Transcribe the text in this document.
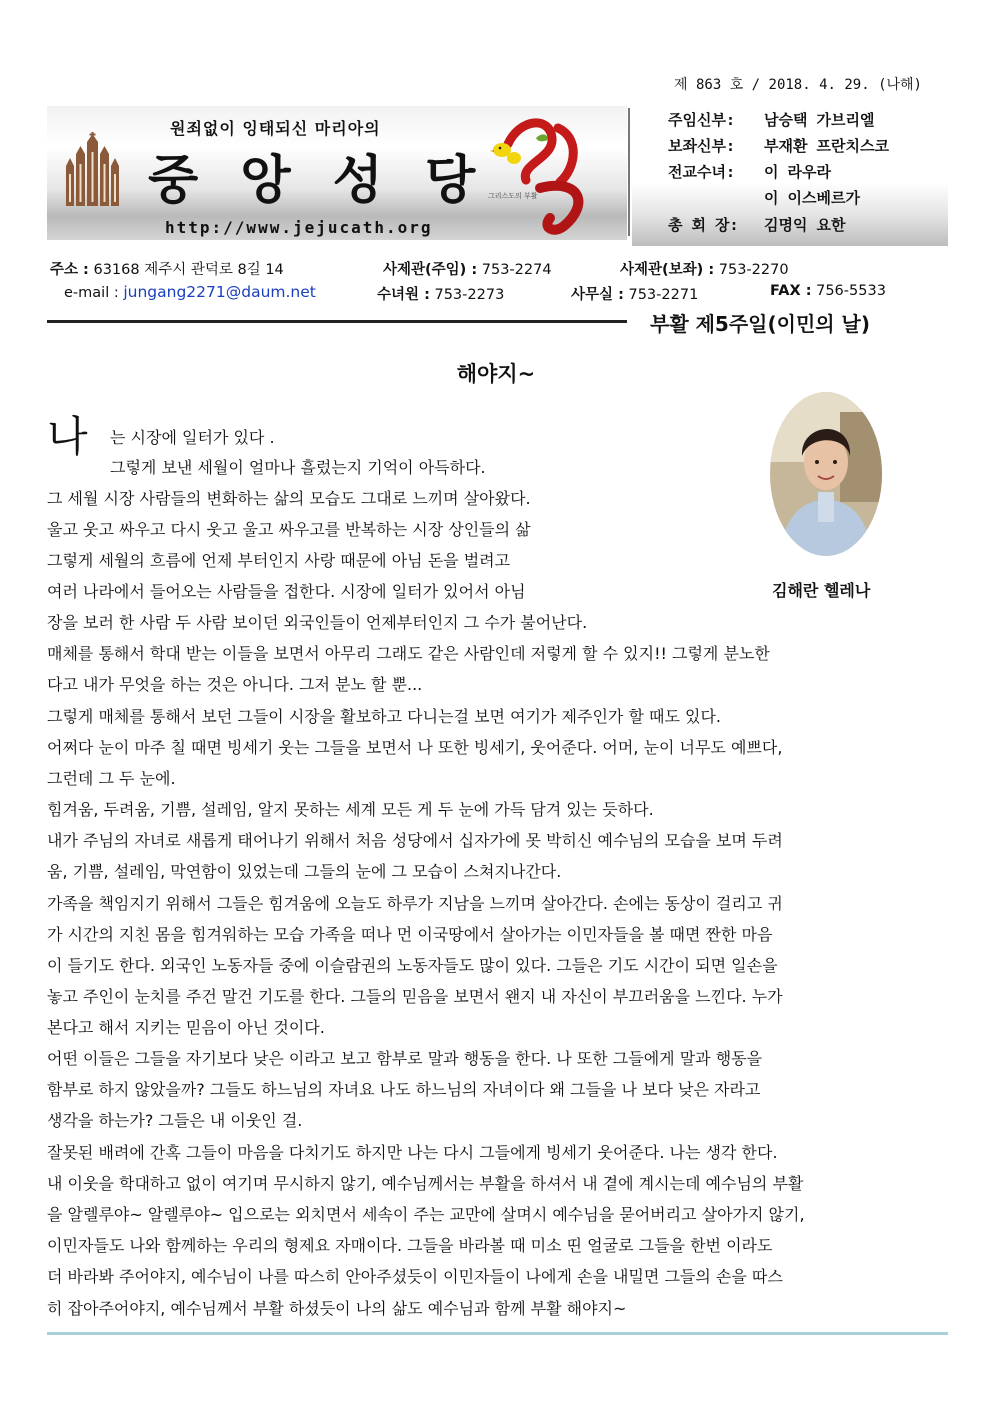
제 863 호 / 2018. 4. 29. (나해)
원죄없이 잉태되신 마리아의
중 앙 성 당
http://www.jejucath.org
그리스도의 부활
주임신부: 남승택 가브리엘
보좌신부: 부재환 프란치스코
전교수녀: 이 라우라
이 이스베르가
총 회 장: 김명익 요한
주소 : 63168 제주시 관덕로 8길 14	사제관(주임) : 753-2274	사제관(보좌) : 753-2270
e-mail : jungang2271@daum.net	수녀원 : 753-2273	사무실 : 753-2271	FAX : 756-5533
부활 제5주일(이민의 날)
해야지~
김해란 헬레나
나 는 시장에 일터가 있다 .
그렇게 보낸 세월이 얼마나 흘렀는지 기억이 아득하다.
그 세월 시장 사람들의 변화하는 삶의 모습도 그대로 느끼며 살아왔다.
울고 웃고 싸우고 다시 웃고 울고 싸우고를 반복하는 시장 상인들의 삶
그렇게 세월의 흐름에 언제 부터인지 사랑 때문에 아님 돈을 벌려고
여러 나라에서 들어오는 사람들을 접한다. 시장에 일터가 있어서 아님
장을 보러 한 사람 두 사람 보이던 외국인들이 언제부터인지 그 수가 불어난다.
매체를 통해서 학대 받는 이들을 보면서 아무리 그래도 같은 사람인데 저렇게 할 수 있지!! 그렇게 분노한
다고 내가 무엇을 하는 것은 아니다. 그저 분노 할 뿐...
그렇게 매체를 통해서 보던 그들이 시장을 활보하고 다니는걸 보면 여기가 제주인가 할 때도 있다.
어쩌다 눈이 마주 칠 때면 빙세기 웃는 그들을 보면서 나 또한 빙세기, 웃어준다. 어머, 눈이 너무도 예쁘다,
그런데 그 두 눈에.
힘겨움, 두려움, 기쁨, 설레임, 알지 못하는 세계 모든 게 두 눈에 가득 담겨 있는 듯하다.
내가 주님의 자녀로 새롭게 태어나기 위해서 처음 성당에서 십자가에 못 박히신 예수님의 모습을 보며 두려
움, 기쁨, 설레임, 막연함이 있었는데 그들의 눈에 그 모습이 스쳐지나간다.
가족을 책임지기 위해서 그들은 힘겨움에 오늘도 하루가 지남을 느끼며 살아간다. 손에는 동상이 걸리고 귀
가 시간의 지친 몸을 힘겨워하는 모습 가족을 떠나 먼 이국땅에서 살아가는 이민자들을 볼 때면 짠한 마음
이 들기도 한다. 외국인 노동자들 중에 이슬람권의 노동자들도 많이 있다. 그들은 기도 시간이 되면 일손을
놓고 주인이 눈치를 주건 말건 기도를 한다. 그들의 믿음을 보면서 왠지 내 자신이 부끄러움을 느낀다. 누가
본다고 해서 지키는 믿음이 아닌 것이다.
어떤 이들은 그들을 자기보다 낮은 이라고 보고 함부로 말과 행동을 한다. 나 또한 그들에게 말과 행동을
함부로 하지 않았을까? 그들도 하느님의 자녀요 나도 하느님의 자녀이다 왜 그들을 나 보다 낮은 자라고
생각을 하는가? 그들은 내 이웃인 걸.
잘못된 배려에 간혹 그들이 마음을 다치기도 하지만 나는 다시 그들에게 빙세기 웃어준다. 나는 생각 한다.
내 이웃을 학대하고 없이 여기며 무시하지 않기, 예수님께서는 부활을 하셔서 내 곁에 계시는데 예수님의 부활
을 알렐루야~ 알렐루야~ 입으로는 외치면서 세속이 주는 교만에 살며시 예수님을 묻어버리고 살아가지 않기,
이민자들도 나와 함께하는 우리의 형제요 자매이다. 그들을 바라볼 때 미소 띤 얼굴로 그들을 한번 이라도
더 바라봐 주어야지, 예수님이 나를 따스히 안아주셨듯이 이민자들이 나에게 손을 내밀면 그들의 손을 따스
히 잡아주어야지, 예수님께서 부활 하셨듯이 나의 삶도 예수님과 함께 부활 해야지~
